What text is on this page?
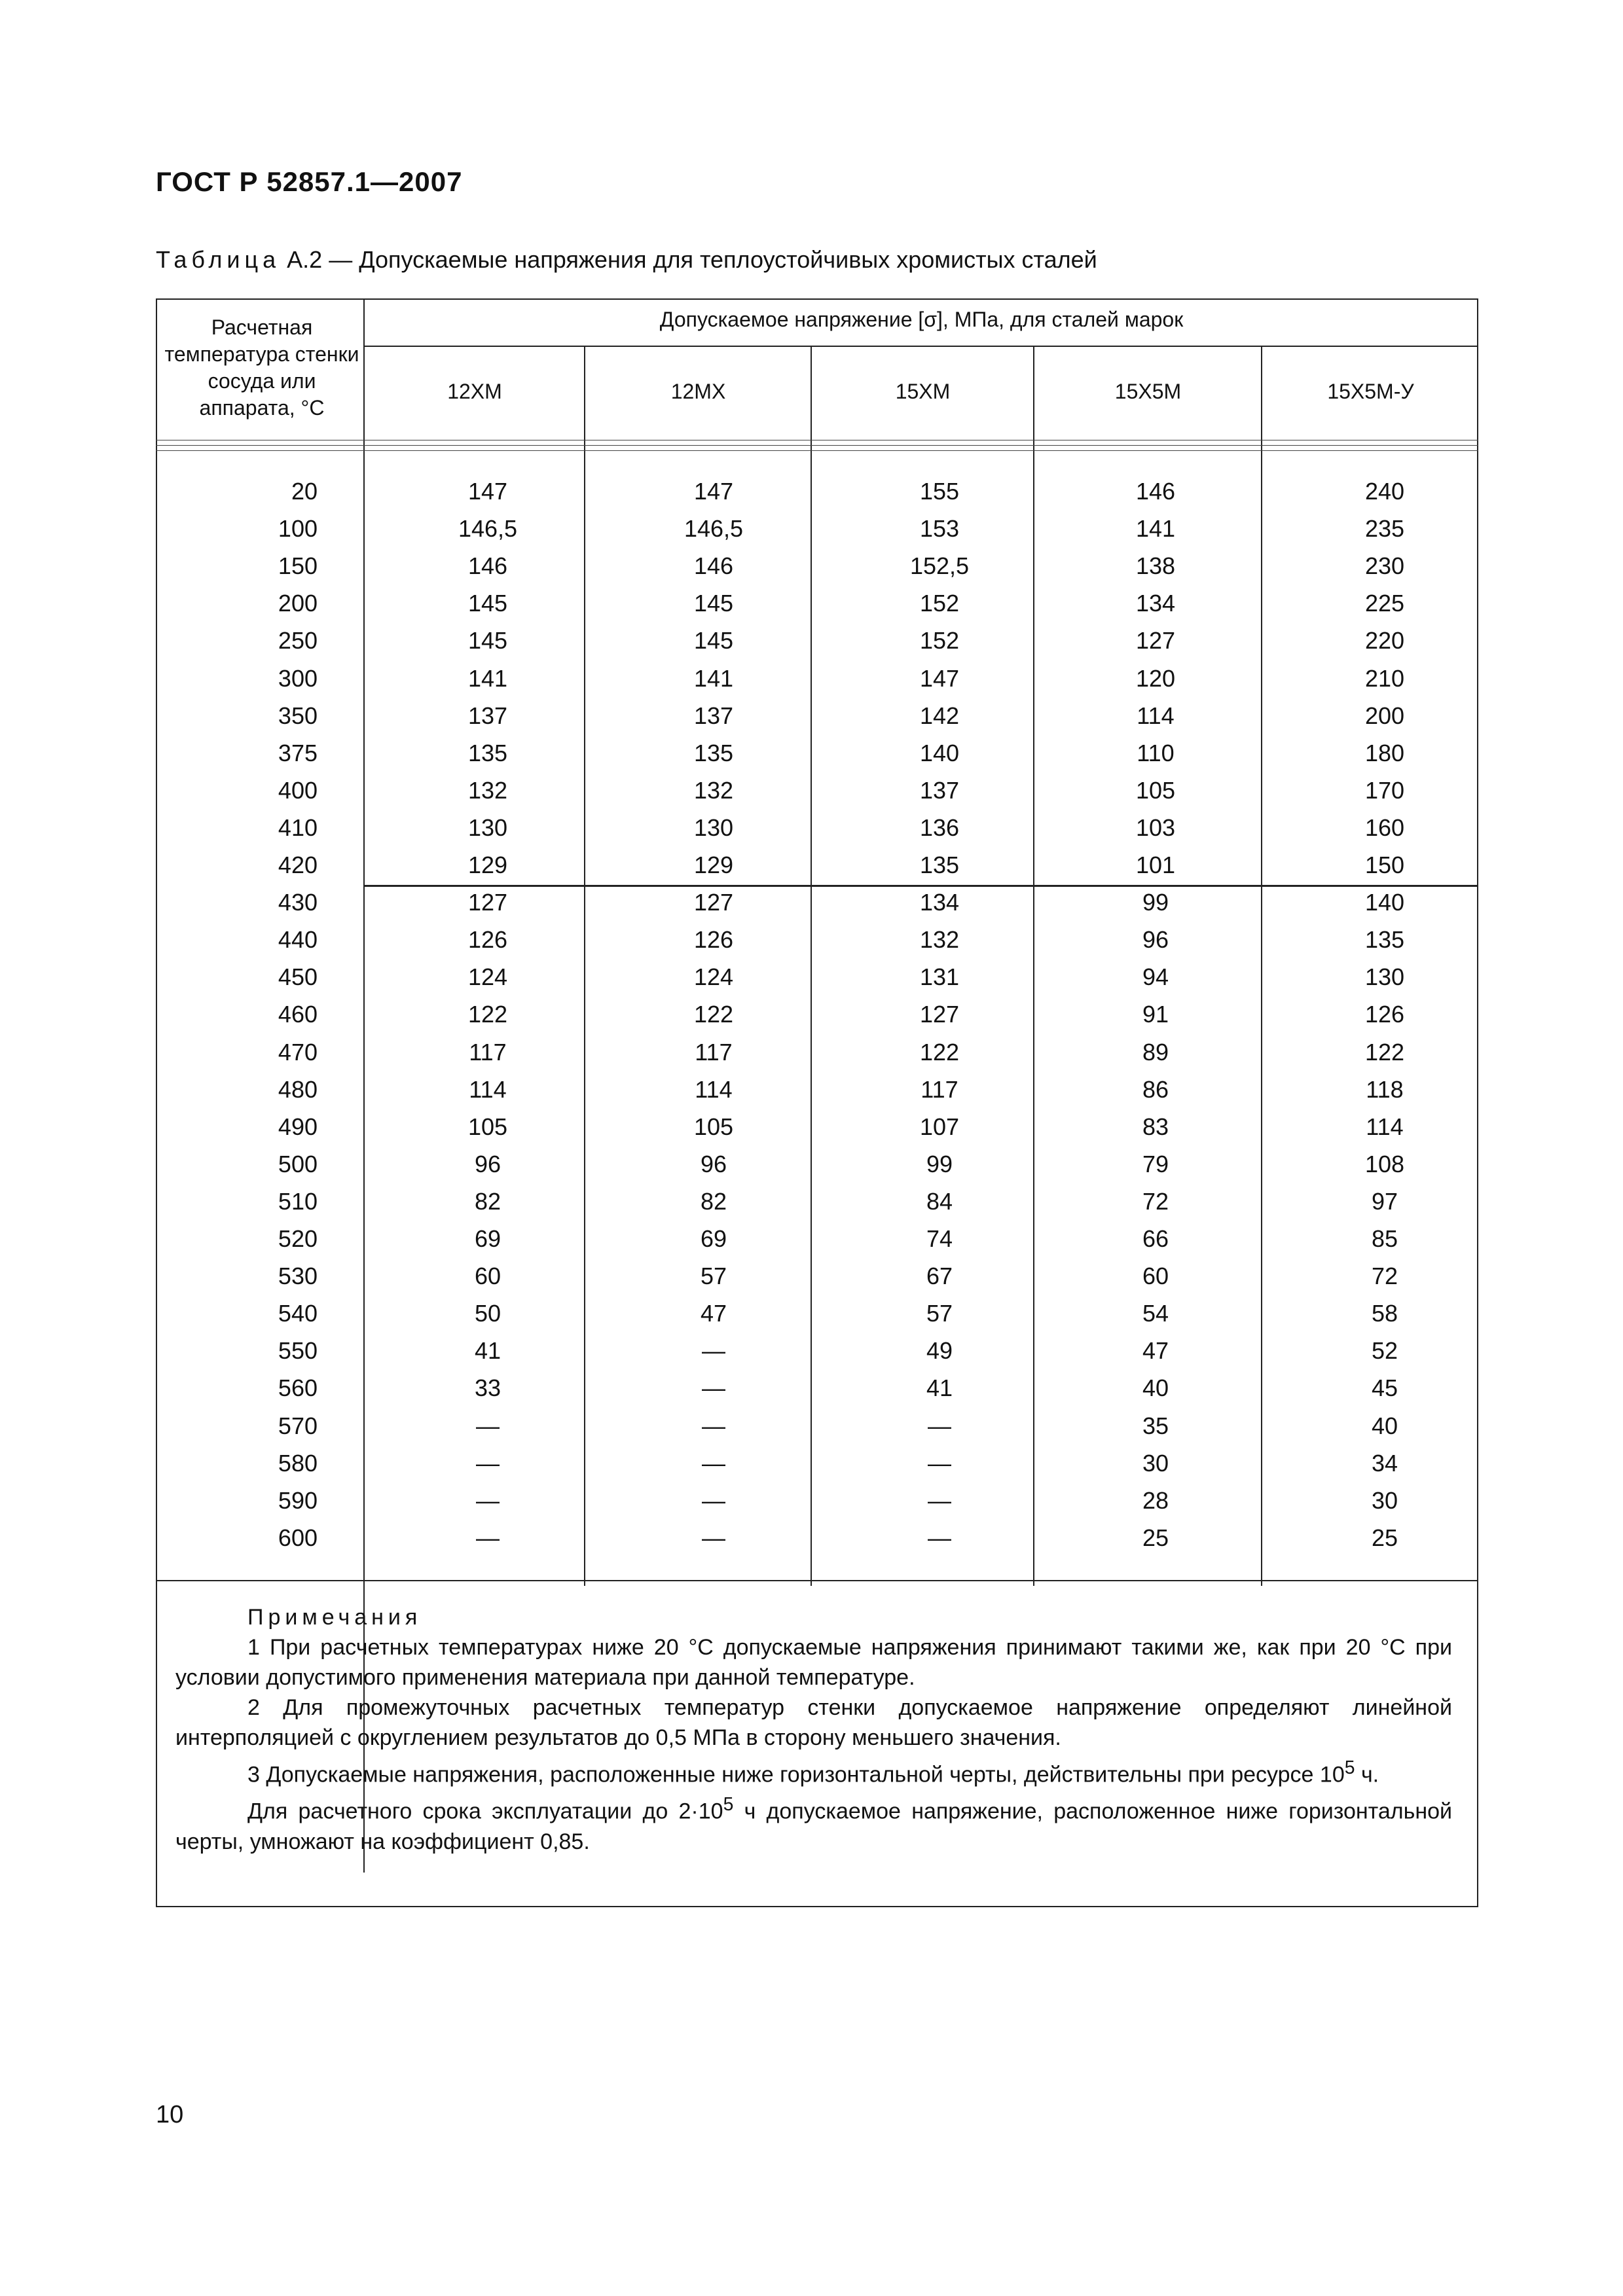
ГОСТ Р 52857.1—2007
Таблица А.2 — Допускаемые напряжения для теплоустойчивых хромистых сталей
Расчетная температура стенки сосуда или аппарата, °С
Допускаемое напряжение [σ], МПа, для сталей марок
12ХМ	12МХ	15ХМ	15Х5М	15Х5М-У
20	147	147	155	146	240
100	146,5	146,5	153	141	235
150	146	146	152,5	138	230
200	145	145	152	134	225
250	145	145	152	127	220
300	141	141	147	120	210
350	137	137	142	114	200
375	135	135	140	110	180
400	132	132	137	105	170
410	130	130	136	103	160
420	129	129	135	101	150
430	127	127	134	99	140
440	126	126	132	96	135
450	124	124	131	94	130
460	122	122	127	91	126
470	117	117	122	89	122
480	114	114	117	86	118
490	105	105	107	83	114
500	96	96	99	79	108
510	82	82	84	72	97
520	69	69	74	66	85
530	60	57	67	60	72
540	50	47	57	54	58
550	41	—	49	47	52
560	33	—	41	40	45
570	—	—	—	35	40
580	—	—	—	30	34
590	—	—	—	28	30
600	—	—	—	25	25

Примечания

1 При расчетных температурах ниже 20 °С допускаемые напряжения принимают такими же, как при 20 °С при условии допустимого применения материала при данной температуре.

2 Для промежуточных расчетных температур стенки допускаемое напряжение определяют линейной интерполяцией с округлением результатов до 0,5 МПа в сторону меньшего значения.

3 Допускаемые напряжения, расположенные ниже горизонтальной черты, действительны при ресурсе $10^5$ ч.

Для расчетного срока эксплуатации до $2\cdot 10^5$ ч допускаемое напряжение, расположенное ниже горизонтальной черты, умножают на коэффициент 0,85.

10
